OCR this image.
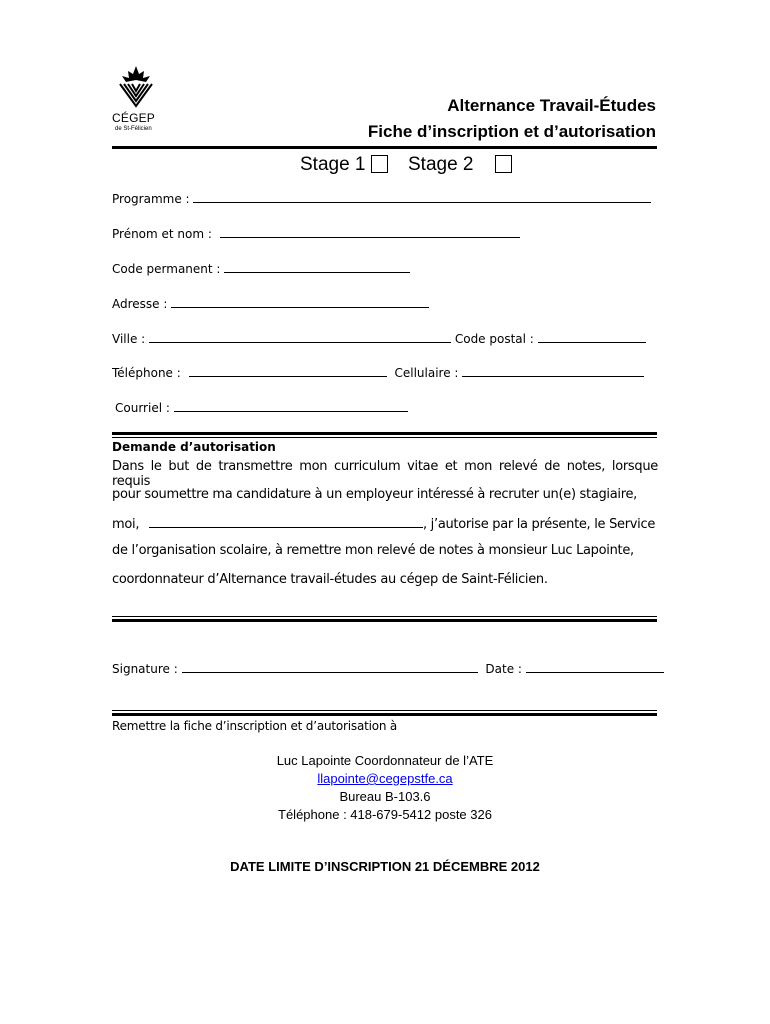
CÉGEP
de St-Félicien
Alternance Travail-Études
Fiche d’inscription et d’autorisation
Stage 1	Stage 2
Programme :
Prénom et nom :
Code permanent :
Adresse :
Ville :	Code postal :
Téléphone :	Cellulaire :
Courriel :
Demande d’autorisation
Dans le but de transmettre mon curriculum vitae et mon relevé de notes, lorsque requis
pour soumettre ma candidature à un employeur intéressé à recruter un(e) stagiaire,
moi,	, j’autorise par la présente, le Service
de l’organisation scolaire, à remettre mon relevé de notes à monsieur Luc Lapointe,
coordonnateur d’Alternance travail-études au cégep de Saint-Félicien.
Signature :	Date :
Remettre la fiche d’inscription et d’autorisation à
Luc Lapointe Coordonnateur de l’ATE
llapointe@cegepstfe.ca
Bureau B-103.6
Téléphone : 418-679-5412 poste 326
DATE LIMITE D’INSCRIPTION 21 DÉCEMBRE 2012
